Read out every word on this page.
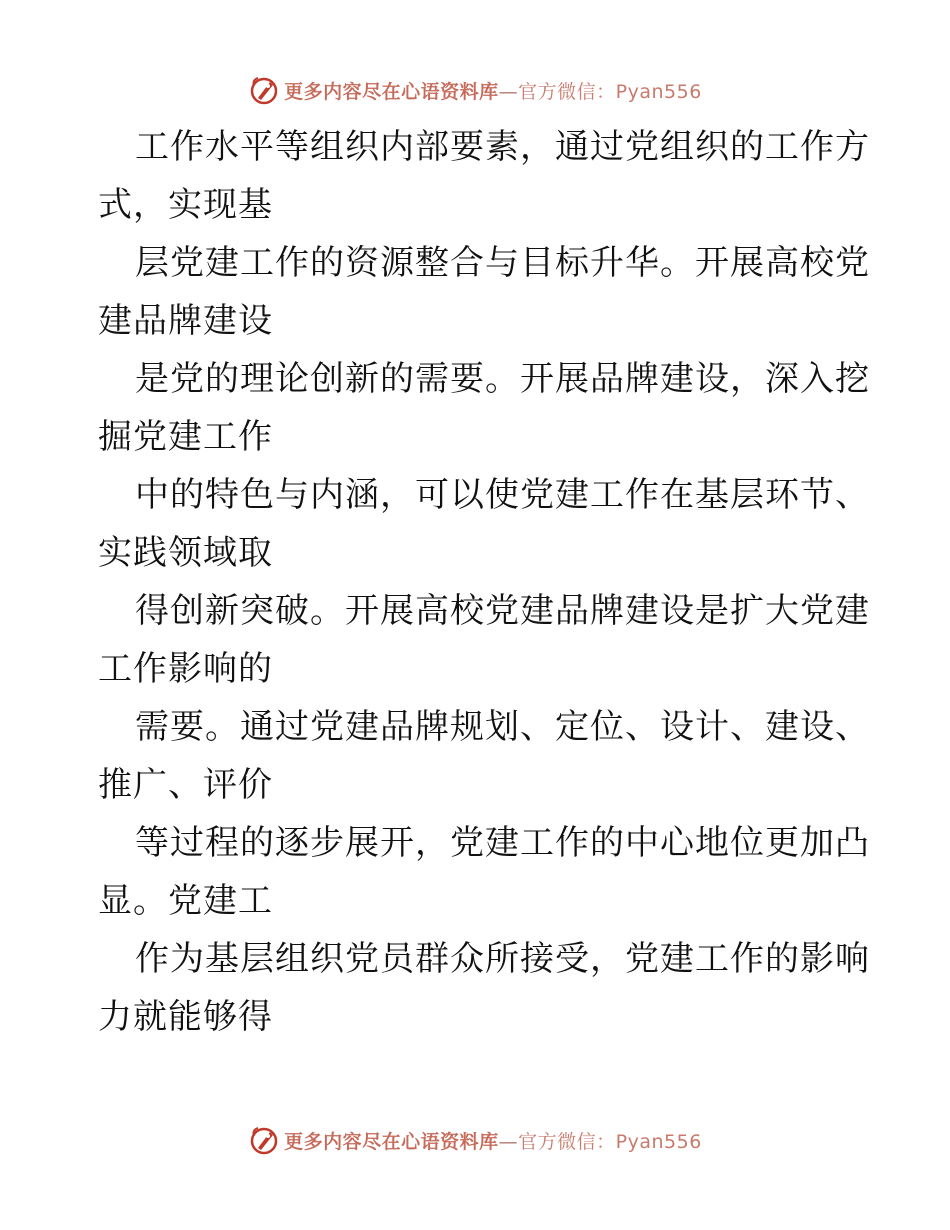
更多内容尽在心语资料库—官方微信：Pyan556
工作水平等组织内部要素，通过党组织的工作方
式，实现基
层党建工作的资源整合与目标升华。开展高校党
建品牌建设
是党的理论创新的需要。开展品牌建设，深入挖
掘党建工作
中的特色与内涵，可以使党建工作在基层环节、
实践领域取
得创新突破。开展高校党建品牌建设是扩大党建
工作影响的
需要。通过党建品牌规划、定位、设计、建设、
推广、评价
等过程的逐步展开，党建工作的中心地位更加凸
显。党建工
作为基层组织党员群众所接受，党建工作的影响
力就能够得
更多内容尽在心语资料库—官方微信：Pyan556
